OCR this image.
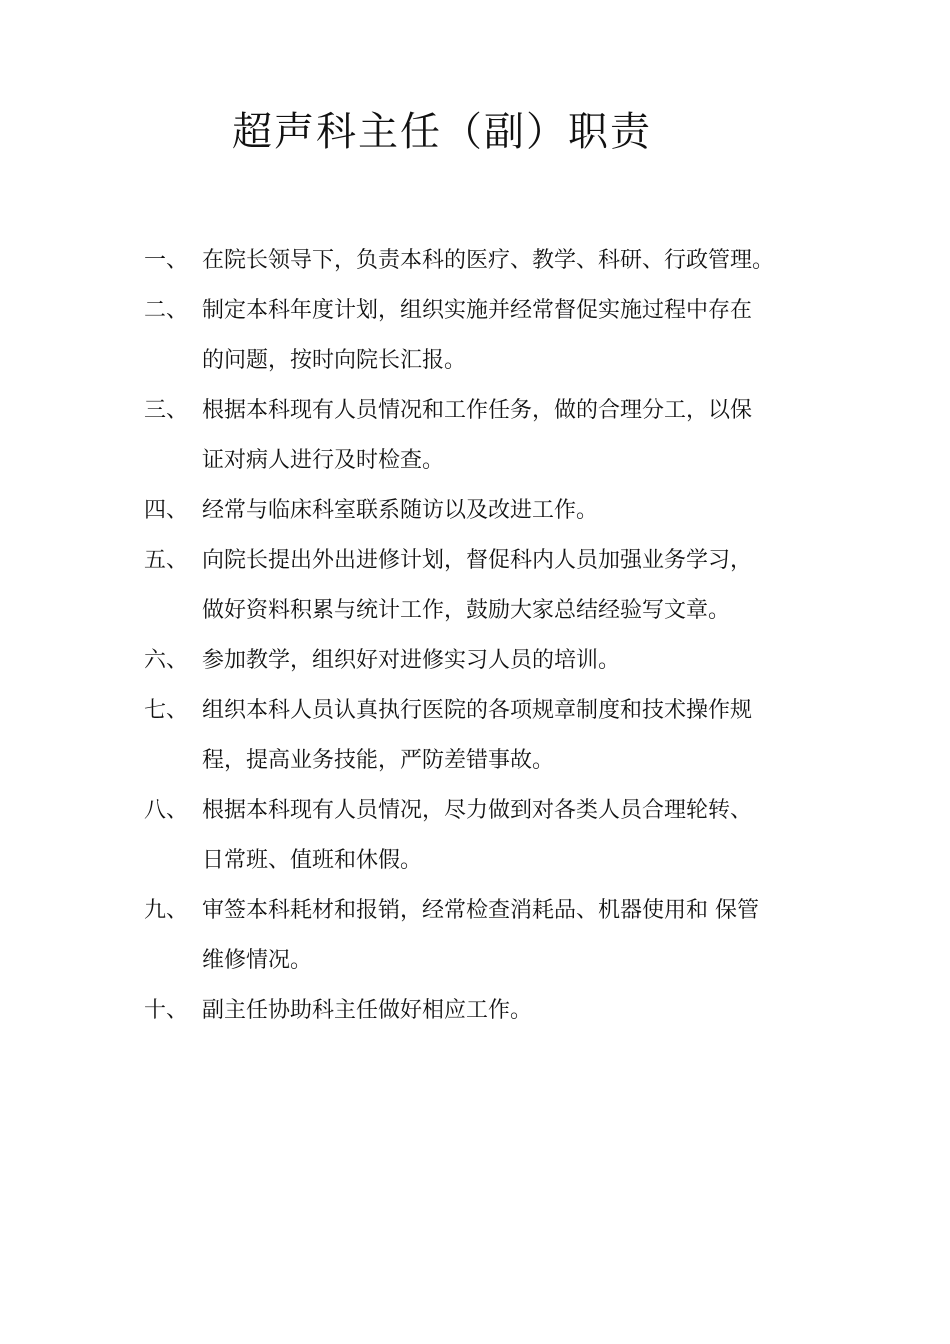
超声科主任（副）职责
一、 在院长领导下，负责本科的医疗、教学、科研、行政管理。
二、 制定本科年度计划，组织实施并经常督促实施过程中存在
的问题，按时向院长汇报。
三、 根据本科现有人员情况和工作任务，做的合理分工，以保
证对病人进行及时检查。
四、 经常与临床科室联系随访以及改进工作。
五、 向院长提出外出进修计划，督促科内人员加强业务学习，
做好资料积累与统计工作，鼓励大家总结经验写文章。
六、 参加教学，组织好对进修实习人员的培训。
七、 组织本科人员认真执行医院的各项规章制度和技术操作规
程，提高业务技能，严防差错事故。
八、 根据本科现有人员情况，尽力做到对各类人员合理轮转、
日常班、值班和休假。
九、 审签本科耗材和报销，经常检查消耗品、机器使用和 保管
维修情况。
十、 副主任协助科主任做好相应工作。
